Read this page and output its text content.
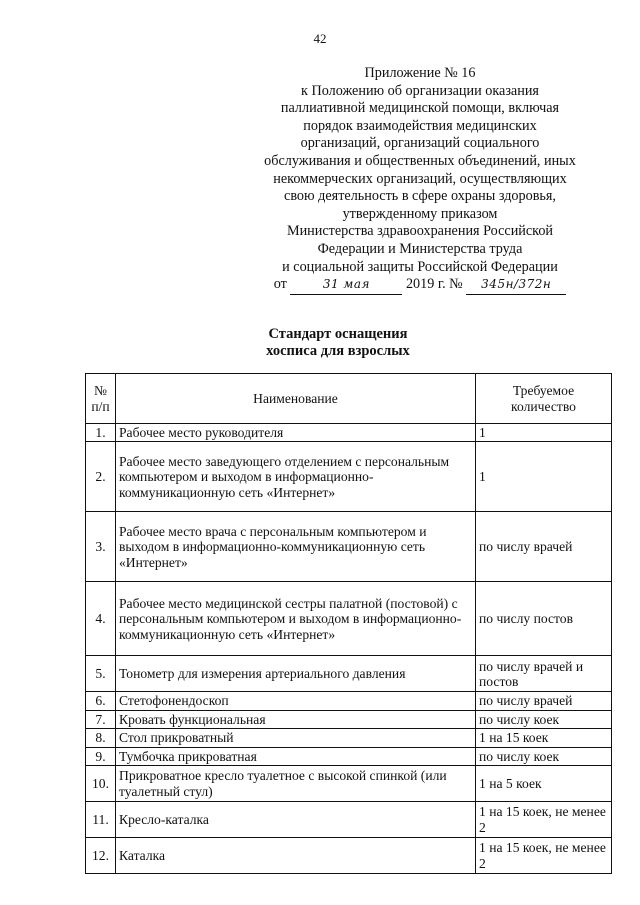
42
Приложение № 16
к Положению об организации оказания
паллиативной медицинской помощи, включая
порядок взаимодействия медицинских
организаций, организаций социального
обслуживания и общественных объединений, иных
некоммерческих организаций, осуществляющих
свою деятельность в сфере охраны здоровья,
утвержденному приказом
Министерства здравоохранения Российской
Федерации и Министерства труда
и социальной защиты Российской Федерации
от	31 мая	2019 г. № 345н/372н
Стандарт оснащения
хосписа для взрослых
№ п/п	Наименование	Требуемое количество
1.	Рабочее место руководителя	1
2.	Рабочее место заведующего отделением с персональным компьютером и выходом в информационно-коммуникационную сеть «Интернет»	1
3.	Рабочее место врача с персональным компьютером и выходом в информационно-коммуникационную сеть «Интернет»	по числу врачей
4.	Рабочее место медицинской сестры палатной (постовой) с персональным компьютером и выходом в информационно-коммуникационную сеть «Интернет»	по числу постов
5.	Тонометр для измерения артериального давления	по числу врачей и постов
6.	Стетофонендоскоп	по числу врачей
7.	Кровать функциональная	по числу коек
8.	Стол прикроватный	1 на 15 коек
9.	Тумбочка прикроватная	по числу коек
10.	Прикроватное кресло туалетное с высокой спинкой (или туалетный стул)	1 на 5 коек
11.	Кресло-каталка	1 на 15 коек, не менее 2
12.	Каталка	1 на 15 коек, не менее 2
